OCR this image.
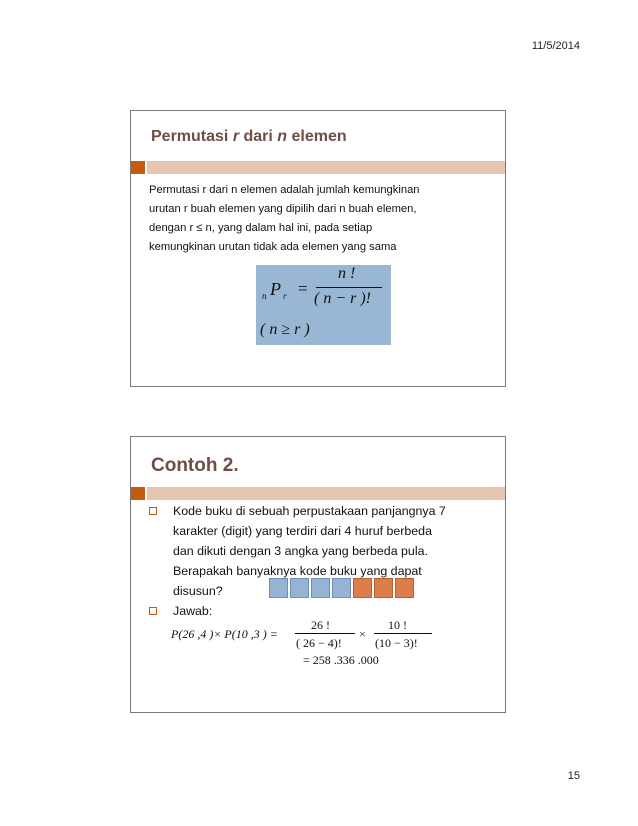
11/5/2014
Permutasi r dari n elemen
Permutasi r dari n elemen adalah jumlah kemungkinan
urutan r buah elemen yang dipilih dari n buah elemen,
dengan r ≤ n, yang dalam hal ini, pada setiap
kemungkinan urutan tidak ada elemen yang sama
n P r =
n !
( n − r )!
( n ≥ r )
Contoh 2.
Kode buku di sebuah perpustakaan panjangnya 7
karakter (digit) yang terdiri dari 4 huruf berbeda
dan dikuti dengan 3 angka yang berbeda pula.
Berapakah banyaknya kode buku yang dapat
disusun?
Jawab:
P(26 ,4 )× P(10 ,3 ) =
26 !
( 26 − 4)!
×
10 !
(10 − 3)!
= 258 .336 .000
15
